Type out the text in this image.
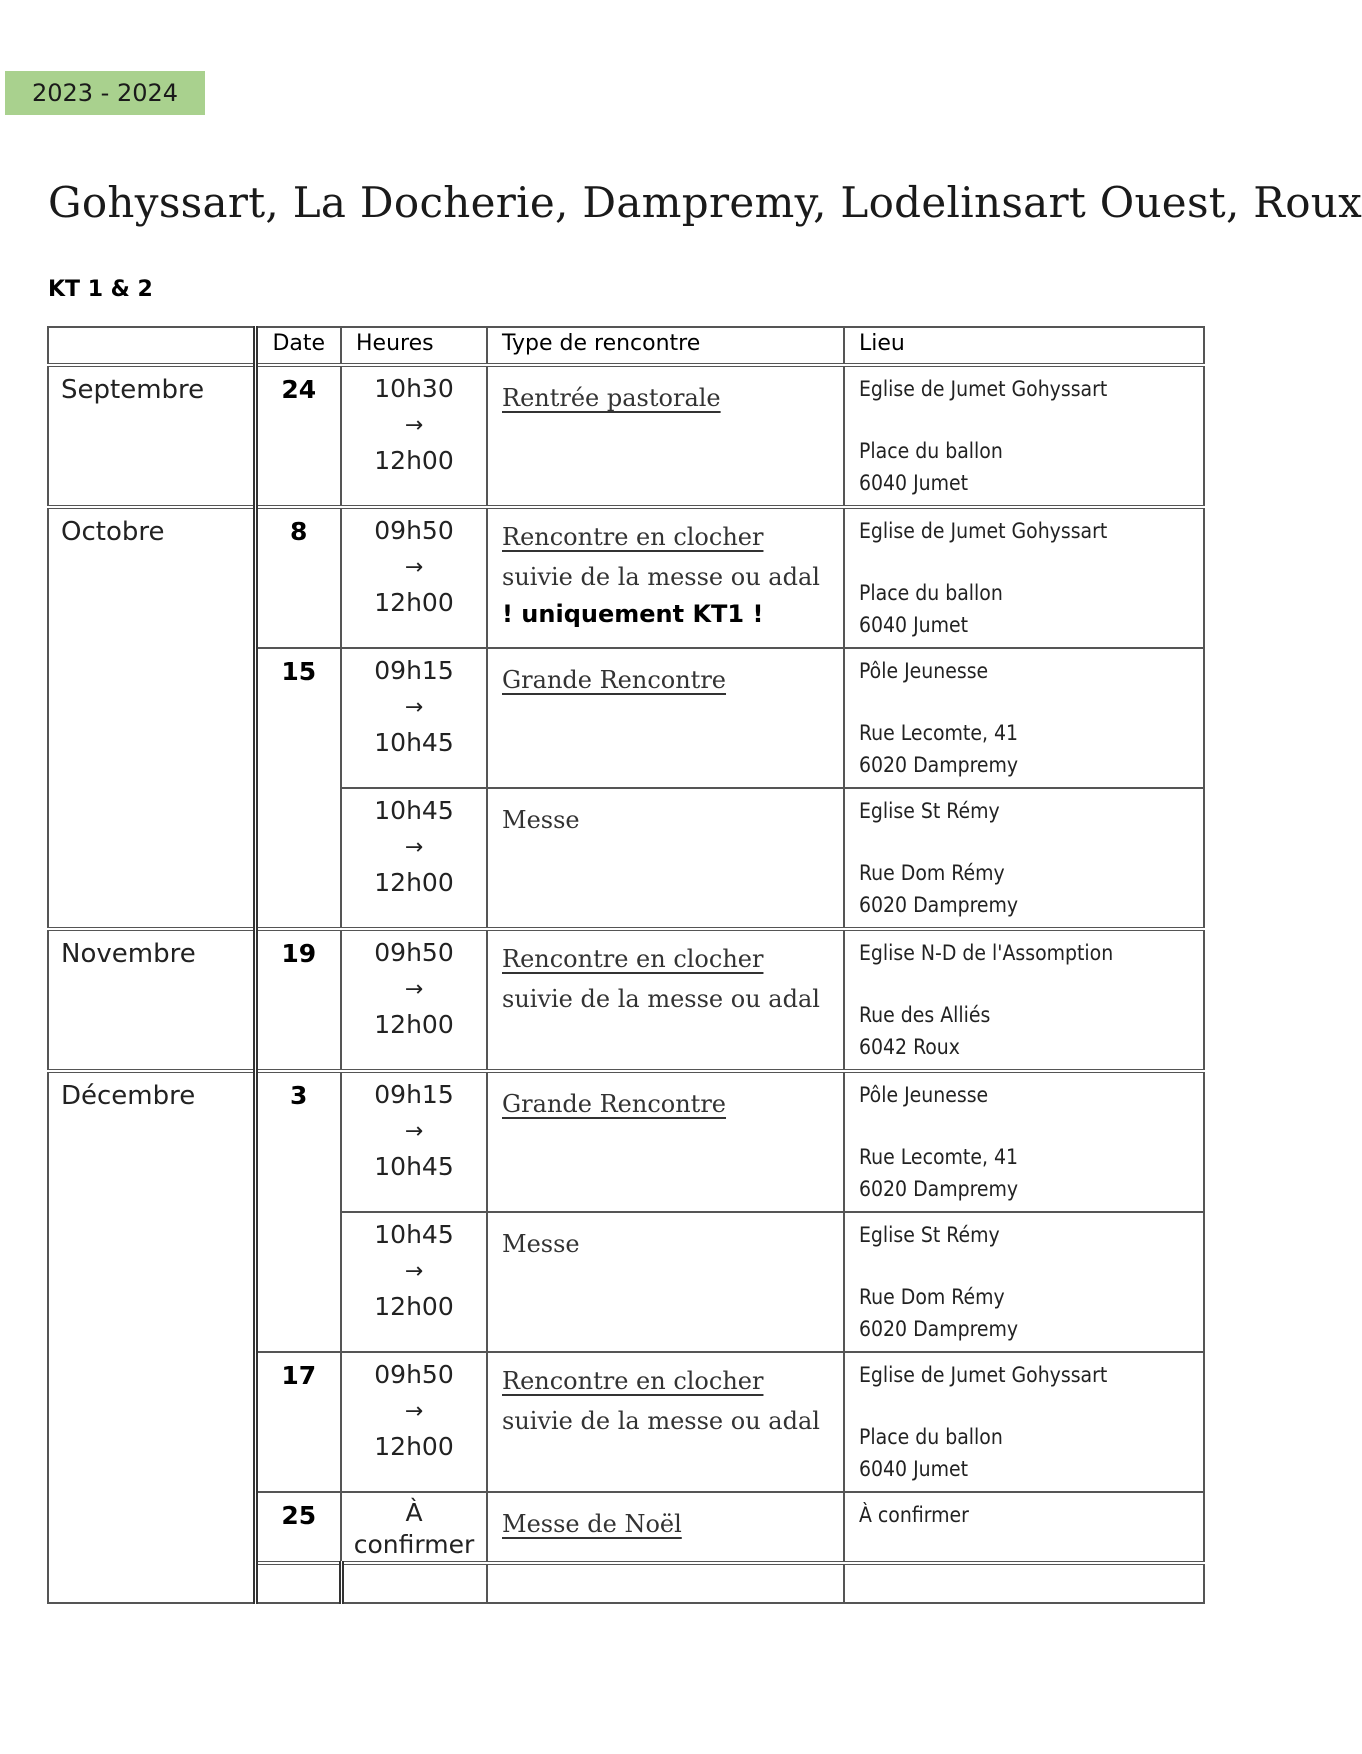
2023 - 2024
Gohyssart, La Docherie, Dampremy, Lodelinsart Ouest, Roux
KT 1 & 2
	Date	Heures	Type de rencontre	Lieu	
Septembre	24	10h30
→
12h00	Rentrée pastorale	Eglise de Jumet Gohyssart
Place du ballon
6040 Jumet	
Octobre	8	09h50
→
12h00	Rencontre en clocher suivie de la messe ou adal
! uniquement KT1 !	Eglise de Jumet Gohyssart
Place du ballon
6040 Jumet	
	15	09h15
→
10h45	Grande Rencontre	Pôle Jeunesse
Rue Lecomte, 41
6020 Dampremy	
		10h45
→
12h00	Messe	Eglise St Rémy
Rue Dom Rémy
6020 Dampremy	
Novembre	19	09h50
→
12h00	Rencontre en clocher suivie de la messe ou adal	Eglise N-D de l'Assomption
Rue des Alliés
6042 Roux	
Décembre	3	09h15
→
10h45	Grande Rencontre	Pôle Jeunesse
Rue Lecomte, 41
6020 Dampremy	
		10h45
→
12h00	Messe	Eglise St Rémy
Rue Dom Rémy
6020 Dampremy	
	17	09h50
→
12h00	Rencontre en clocher suivie de la messe ou adal	Eglise de Jumet Gohyssart
Place du ballon
6040 Jumet	
	25	À
confirmer	Messe de Noël	À confirmer	
